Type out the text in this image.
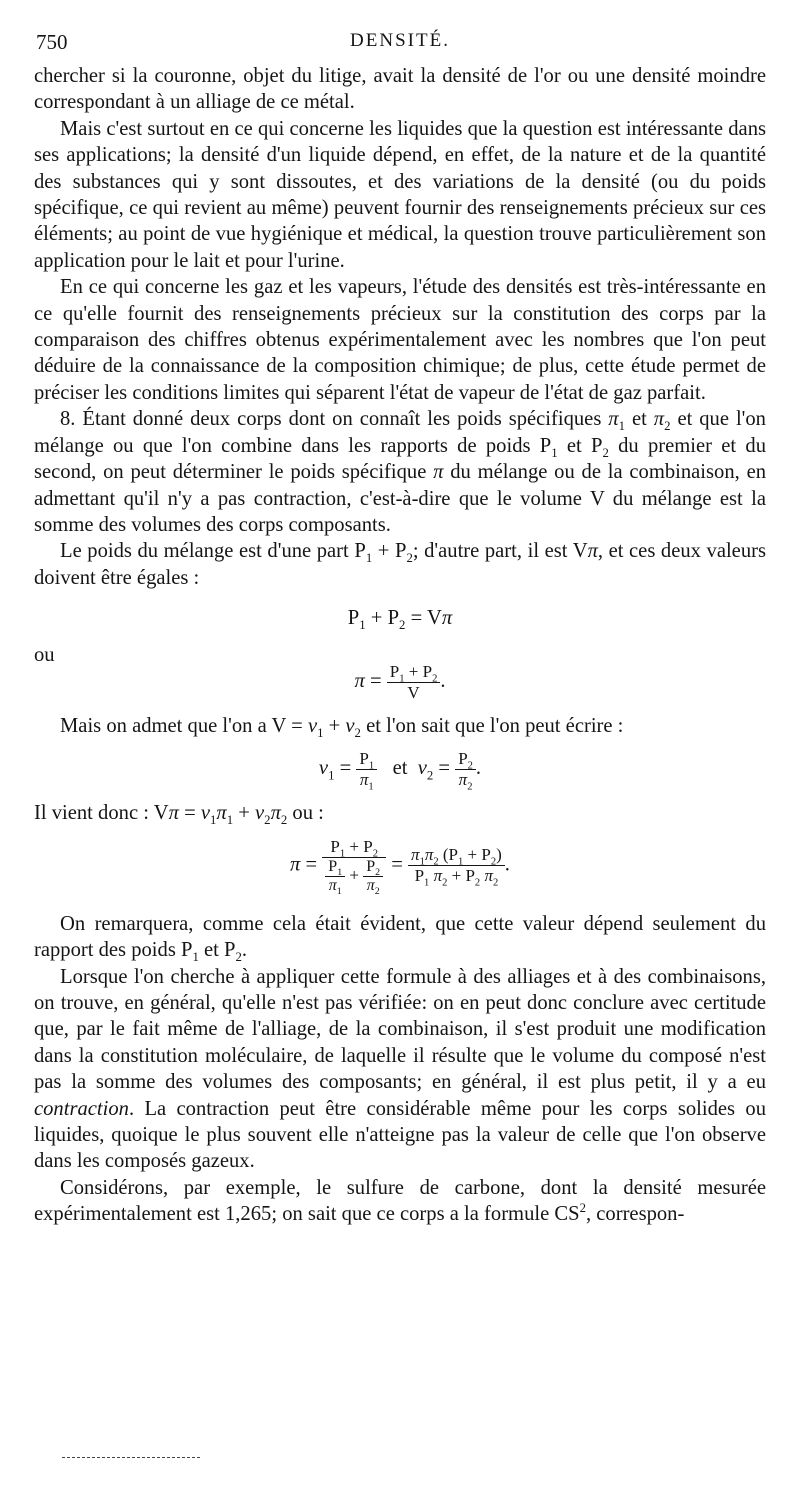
750	DENSITÉ.

chercher si la couronne, objet du litige, avait la densité de l'or ou une densité moindre correspondant à un alliage de ce métal.

Mais c'est surtout en ce qui concerne les liquides que la question est intéressante dans ses applications; la densité d'un liquide dépend, en effet, de la nature et de la quantité des substances qui y sont dissoutes, et des variations de la densité (ou du poids spécifique, ce qui revient au même) peuvent fournir des renseignements précieux sur ces éléments; au point de vue hygiénique et médical, la question trouve particulièrement son application pour le lait et pour l'urine.

En ce qui concerne les gaz et les vapeurs, l'étude des densités est très-intéressante en ce qu'elle fournit des renseignements précieux sur la constitution des corps par la comparaison des chiffres obtenus expérimentalement avec les nombres que l'on peut déduire de la connaissance de la composition chimique; de plus, cette étude permet de préciser les conditions limites qui séparent l'état de vapeur de l'état de gaz parfait.

8. Étant donné deux corps dont on connaît les poids spécifiques $\pi_1$ et $\pi_2$ et que l'on mélange ou que l'on combine dans les rapports de poids $P_1$ et $P_2$ du premier et du second, on peut déterminer le poids spécifique π du mélange ou de la combinaison, en admettant qu'il n'y a pas contraction, c'est-à-dire que le volume V du mélange est la somme des volumes des corps composants.

Le poids du mélange est d'une part $P_1 + P_2$; d'autre part, il est Vπ, et ces deux valeurs doivent être égales :

$P_1 + P_2 = V\pi$

ou

$\pi = \frac{P_1 + P_2}{V}$ .

Mais on admet que l'on a $V = v_1 + v_2$ et l'on sait que l'on peut écrire :

$v_1 = \frac{P_1}{\pi_1}$ et $v_2 = \frac{P_2}{\pi_2}$ .

Il vient donc : $V\pi = v_1\pi_1 + v_2\pi_2$ ou :

$\pi = \frac{P_1 + P_2}{\frac{P_1}{\pi_1} + \frac{P_2}{\pi_2}} = \frac{\pi_1\pi_2 (P_1 + P_2)}{P_1 \pi_2 + P_2 \pi_2}$ .

On remarquera, comme cela était évident, que cette valeur dépend seulement du rapport des poids $P_1$ et $P_2$.

Lorsque l'on cherche à appliquer cette formule à des alliages et à des combinaisons, on trouve, en général, qu'elle n'est pas vérifiée: on en peut donc conclure avec certitude que, par le fait même de l'alliage, de la combinaison, il s'est produit une modification dans la constitution moléculaire, de laquelle il résulte que le volume du composé n'est pas la somme des volumes des composants; en général, il est plus petit, il y a eu contraction. La contraction peut être considérable même pour les corps solides ou liquides, quoique le plus souvent elle n'atteigne pas la valeur de celle que l'on observe dans les composés gazeux.

Considérons, par exemple, le sulfure de carbone, dont la densité mesurée expérimentalement est 1,265; on sait que ce corps a la formule $CS^2$, correspon-
